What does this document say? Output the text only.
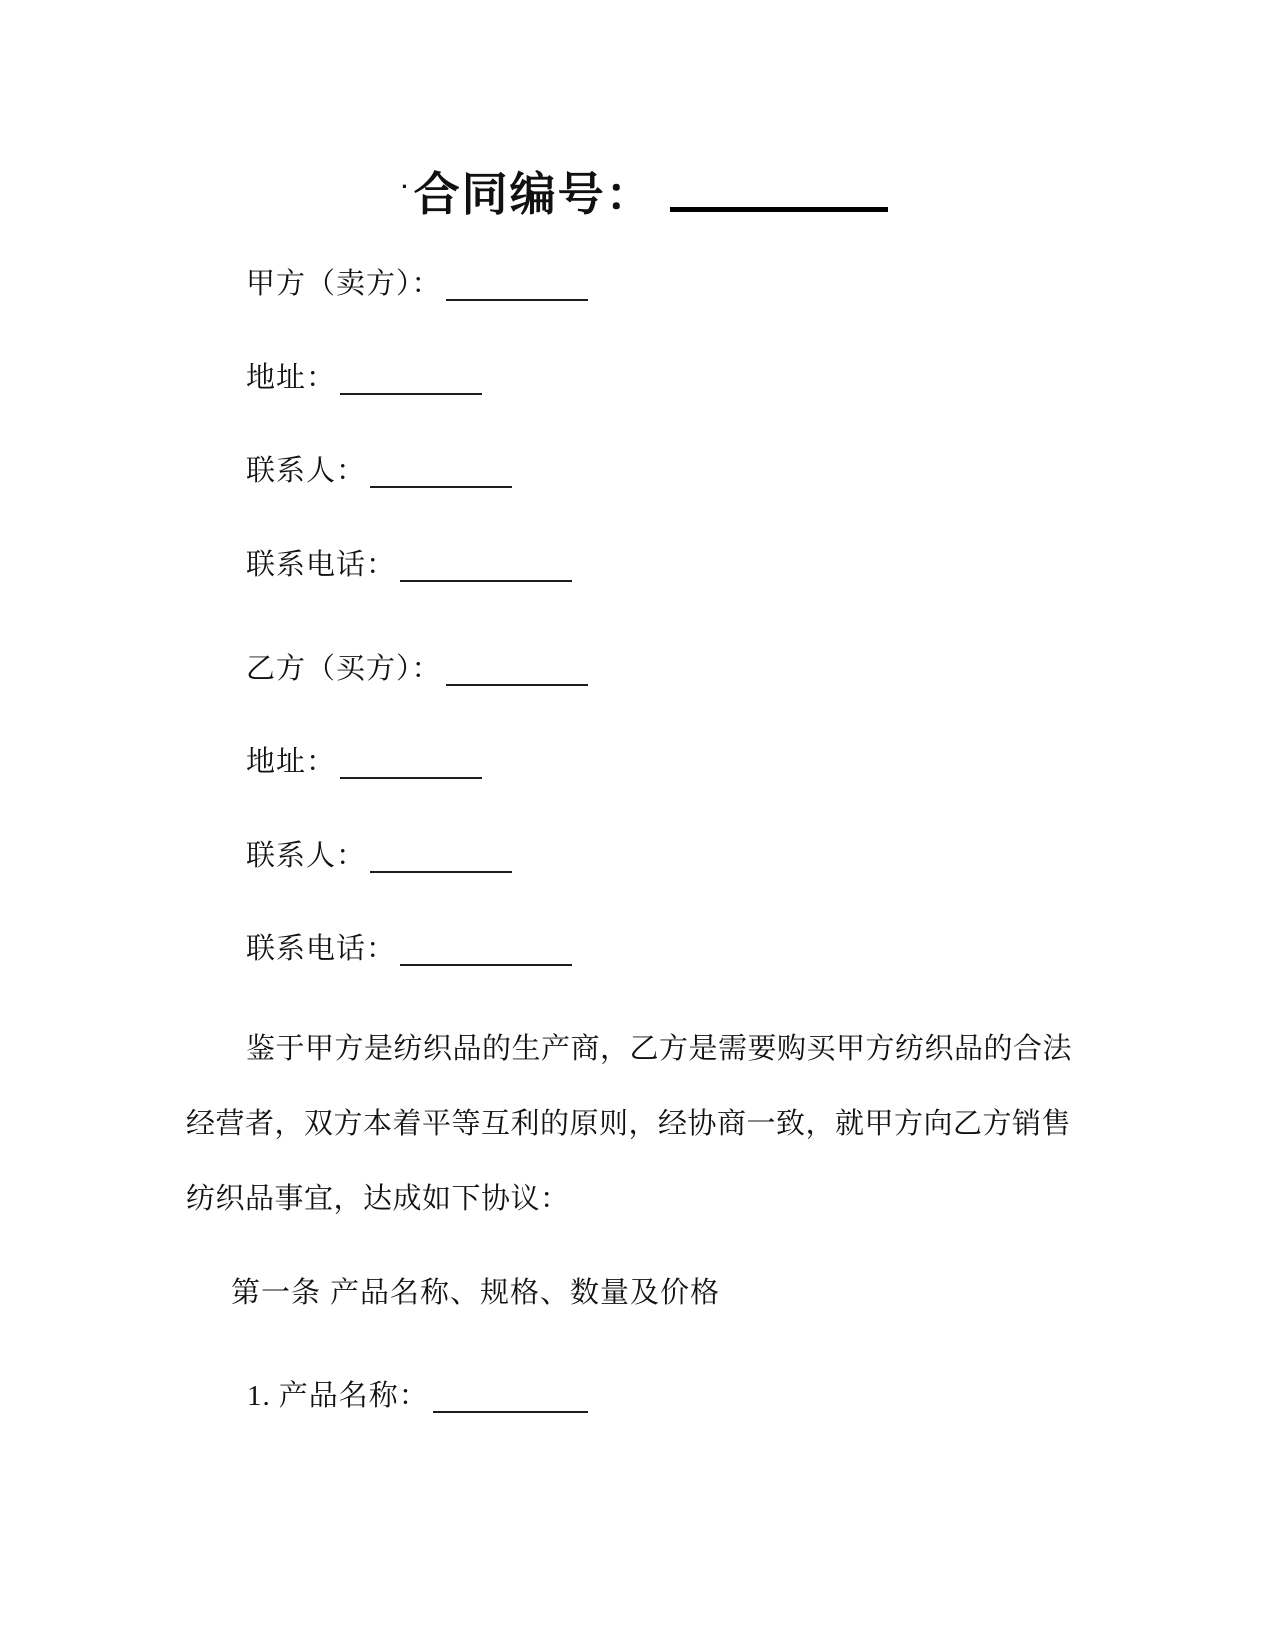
·合同编号：
甲方（卖方）：
地址：
联系人：
联系电话：
乙方（买方）：
地址：
联系人：
联系电话：
鉴于甲方是纺织品的生产商，乙方是需要购买甲方纺织品的合法
经营者，双方本着平等互利的原则，经协商一致，就甲方向乙方销售
纺织品事宜，达成如下协议：
第一条 产品名称、规格、数量及价格
1. 产品名称：
